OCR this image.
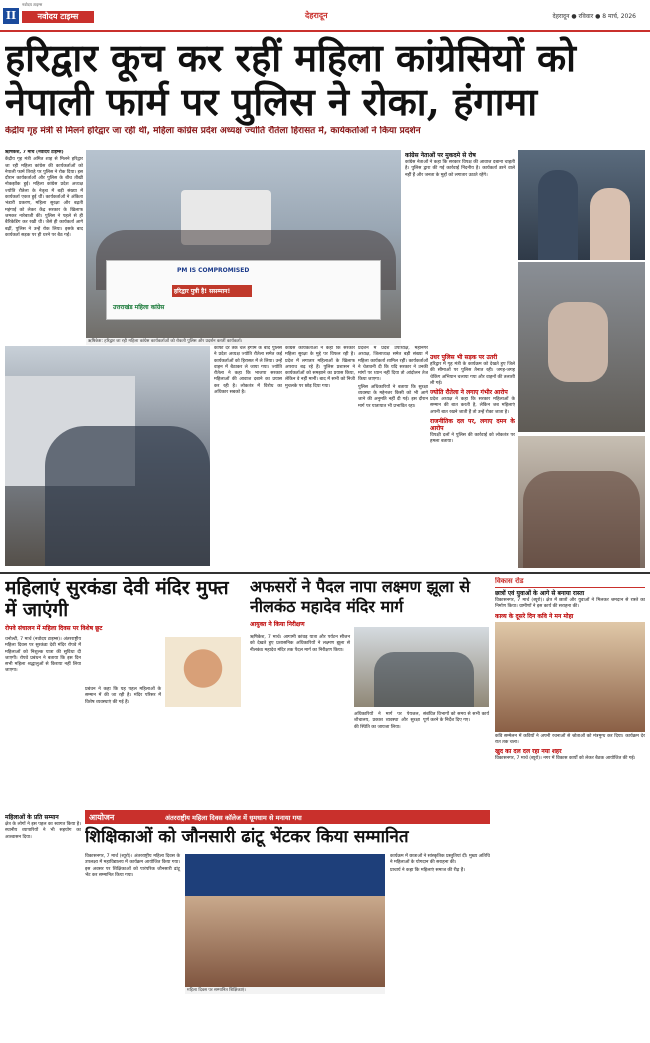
II	नवोदय टाइम्स
नवोदय टाइम्स
देहरादून	देहरादून ● रविवार ● 8 मार्च, 2026
हरिद्वार कूच कर रहीं महिला कांग्रेसियों को
नेपाली फार्म पर पुलिस ने रोका, हंगामा
केंद्रीय गृह मंत्री से मिलने हरिद्वार जा रहीं थीं, महिला कांग्रेस प्रदेश अध्यक्ष ज्योति रौतेला हिरासत में, कार्यकर्ताओं ने किया प्रदर्शन

ऋषिकेश, 7 मार्च (नवोदय टाइम्स)

केंद्रीय गृह मंत्री अमित शाह से मिलने हरिद्वार जा रही महिला कांग्रेस की कार्यकर्ताओं को नेपाली फार्म तिराहे पर पुलिस ने रोक दिया। इस दौरान कार्यकर्ताओं और पुलिस के बीच तीखी नोकझोंक हुई। महिला कांग्रेस प्रदेश अध्यक्ष ज्योति रौतेला के नेतृत्व में बड़ी संख्या में कार्यकर्ता एकत्र हुई थीं। कार्यकर्ताओं ने अंकिता भंडारी प्रकरण, महिला सुरक्षा और बढ़ती महंगाई को लेकर केंद्र सरकार के खिलाफ जमकर नारेबाजी की। पुलिस ने पहले से ही बैरिकेडिंग कर रखी थी। जैसे ही कार्यकर्ता आगे बढ़ीं, पुलिस ने उन्हें रोक लिया। इसके बाद कार्यकर्ता सड़क पर ही धरने पर बैठ गईं।

PM IS COMPROMISED
हरिद्वार पुत्री है! ससम्मान!
उत्तराखंड महिला कांग्रेस
ऋषिकेश: हरिद्वार जा रही महिला कांग्रेस कार्यकर्ताओं को रोकती पुलिस और प्रदर्शन करतीं कार्यकर्ता।
कांग्रेस नेताओं पर मुकदमे से रोष

कांग्रेस नेताओं ने कहा कि सरकार विपक्ष की आवाज दबाना चाहती है। पुलिस द्वारा की गई कार्रवाई निंदनीय है। कार्यकर्ता डरने वाले नहीं हैं और जनता के मुद्दों को लगातार उठाते रहेंगे।

काफी देर तक चले हंगामे के बाद पुलिस ने प्रदेश अध्यक्ष ज्योति रौतेला समेत कई कार्यकर्ताओं को हिरासत में ले लिया। उन्हें वाहन में बैठाकर ले जाया गया। ज्योति रौतेला ने कहा कि भाजपा सरकार महिलाओं की आवाज दबाने का प्रयास कर रही है। लोकतंत्र में विरोध का अधिकार सबको है।

कांग्रेस कार्यकर्ताओं ने कहा कि सरकार महिला सुरक्षा के मुद्दे पर विफल रही है। प्रदेश में लगातार महिलाओं के खिलाफ अपराध बढ़ रहे हैं। पुलिस प्रशासन ने कार्यकर्ताओं को समझाने का प्रयास किया, लेकिन वे नहीं मानीं। बाद में सभी को निजी मुचलके पर छोड़ दिया गया।

प्रदर्शन में प्रदेश उपाध्यक्ष, महानगर अध्यक्ष, जिलाध्यक्ष समेत बड़ी संख्या में महिला कार्यकर्ता शामिल रहीं। कार्यकर्ताओं ने चेतावनी दी कि यदि सरकार ने उनकी मांगों पर ध्यान नहीं दिया तो आंदोलन तेज किया जाएगा।

पुलिस अधिकारियों ने बताया कि सुरक्षा व्यवस्था के मद्देनजर किसी को भी आगे जाने की अनुमति नहीं दी गई। इस दौरान मार्ग पर यातायात भी प्रभावित रहा।

उधर पुलिस भी सड़क पर उतरी

हरिद्वार में गृह मंत्री के कार्यक्रम को देखते हुए जिले की सीमाओं पर पुलिस तैनात रही। जगह-जगह चेकिंग अभियान चलाया गया और वाहनों की तलाशी ली गई।

ज्योति रौतेला ने लगाए गंभीर आरोप

प्रदेश अध्यक्ष ने कहा कि सरकार महिलाओं के सम्मान की बात करती है, लेकिन जब महिलाएं अपनी बात रखने जाती हैं तो उन्हें रोका जाता है।

राजनीतिक दल पर, लगाए दमन के आरोप

विपक्षी दलों ने पुलिस की कार्रवाई को लोकतंत्र पर हमला बताया।

महिलाएं सुरकंडा देवी मंदिर मुफ्त में जाएंगी
रोपवे संचालन में महिला दिवस पर विशेष छूट

धनोल्टी, 7 मार्च (नवोदय टाइम्स)। अंतरराष्ट्रीय महिला दिवस पर सुरकंडा देवी मंदिर रोपवे में महिलाओं को निशुल्क यात्रा की सुविधा दी जाएगी। रोपवे प्रबंधन ने बताया कि इस दिन सभी महिला श्रद्धालुओं से किराया नहीं लिया जाएगा।

प्रबंधन ने कहा कि यह पहल महिलाओं के सम्मान में की जा रही है। मंदिर परिसर में विशेष व्यवस्थाएं की गई हैं।

महिलाओं के प्रति सम्मान

क्षेत्र के लोगों ने इस पहल का स्वागत किया है। स्थानीय व्यापारियों ने भी सहयोग का आश्वासन दिया।

अफसरों ने पैदल नापा लक्ष्मण झूला से नीलकंठ महादेव मंदिर मार्ग
आयुक्त ने किया निरीक्षण

ऋषिकेश, 7 मार्च। आगामी कांवड़ यात्रा और पर्यटन सीजन को देखते हुए प्रशासनिक अधिकारियों ने लक्ष्मण झूला से नीलकंठ महादेव मंदिर तक पैदल मार्ग का निरीक्षण किया।

अधिकारियों ने मार्ग पर पेयजल, शौचालय, प्रकाश व्यवस्था और सुरक्षा की स्थिति का जायजा लिया।

संबंधित विभागों को समय से सभी कार्य पूर्ण करने के निर्देश दिए गए।

विकास रोड
छात्रों एवं युवाओं के आगे से बनाया रास्ता
विकासनगर, 7 मार्च (ब्यूरो)। क्षेत्र में छात्रों और युवाओं ने मिलकर श्रमदान से रास्ते का निर्माण किया। ग्रामीणों ने इस कार्य की सराहना की।
काव्य के दूसरे दिन कवि ने मन मोहा
कवि सम्मेलन में कवियों ने अपनी रचनाओं से श्रोताओं को मंत्रमुग्ध कर दिया। कार्यक्रम देर रात तक चला।
खुद का दल दल रहा नया शहर
विकासनगर, 7 मार्च (ब्यूरो)। नगर में विकास कार्यों को लेकर बैठक आयोजित की गई।
आयोजन	अंतरराष्ट्रीय महिला दिवस कॉलेज में धूमधाम से मनाया गया
शिक्षिकाओं को जौनसारी ढांटू भेंटकर किया सम्मानित

विकासनगर, 7 मार्च (ब्यूरो)। अंतरराष्ट्रीय महिला दिवस के उपलक्ष्य में महाविद्यालय में कार्यक्रम आयोजित किया गया। इस अवसर पर शिक्षिकाओं को पारंपरिक जौनसारी ढांटू भेंट कर सम्मानित किया गया।

महिला दिवस पर सम्मानित शिक्षिकाएं।

कार्यक्रम में छात्राओं ने सांस्कृतिक प्रस्तुतियां दीं। मुख्य अतिथि ने महिलाओं के योगदान की सराहना की।

प्राचार्य ने कहा कि महिलाएं समाज की रीढ़ हैं।
